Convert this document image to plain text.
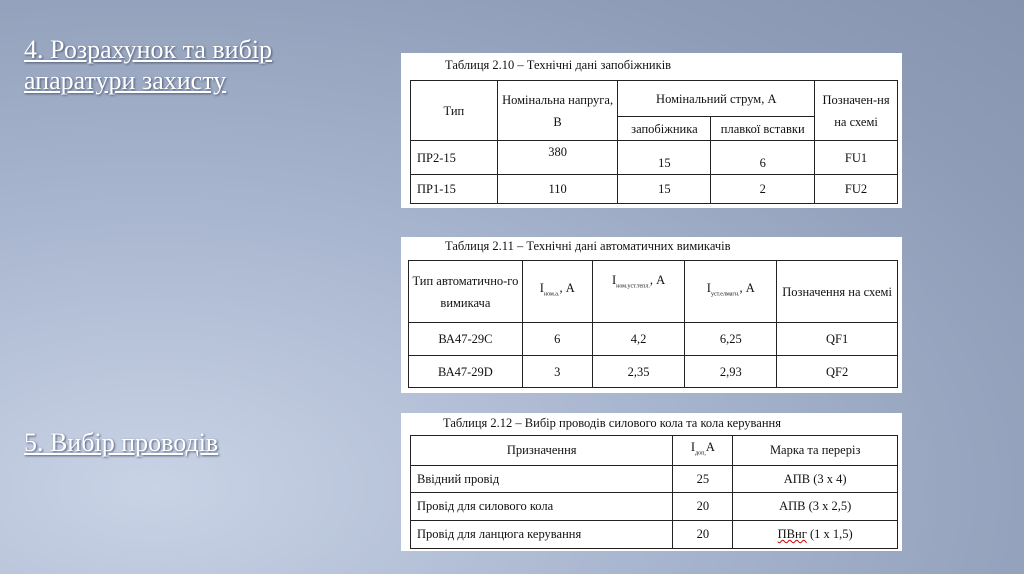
4. Розрахунок та вибір апаратури захисту
5. Вибір проводів
Таблиця 2.10 – Технічні дані запобіжників
Тип	Номінальна напруга, В	Номінальний струм, А		Позначен-ня на схемі
		запобіжника	плавкої вставки	
ПР2-15	380	15	6	FU1
ПР1-15	110	15	2	FU2
Таблиця 2.11 – Технічні дані автоматичних вимикачів
Тип автоматично-го вимикача	$I_{ном.а.}$, А	$I_{ном.уст.тепл.}$, А	$I_{уст.елмагн.}$, А	Позначення на схемі
ВА47-29С	6	4,2	6,25	QF1
ВА47-29D	3	2,35	2,93	QF2
Таблиця 2.12 – Вибір проводів силового кола та кола керування
Призначення	$I_{доп,}А$	Марка та переріз
Ввідний провід	25	АПВ (3 х 4)
Провід для силового кола	20	АПВ (3 х 2,5)
Провід для ланцюга керування	20	ПВнг (1 х 1,5)
